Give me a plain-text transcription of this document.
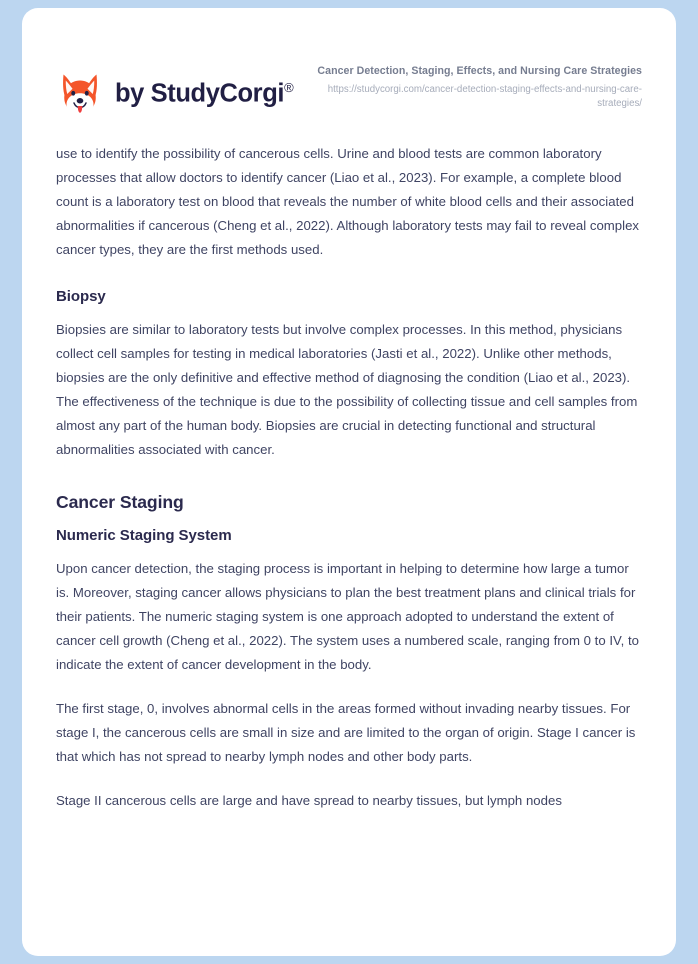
by StudyCorgi®
Cancer Detection, Staging, Effects, and Nursing Care Strategies
https://studycorgi.com/cancer-detection-staging-effects-and-nursing-care-strategies/

use to identify the possibility of cancerous cells. Urine and blood tests are common laboratory processes that allow doctors to identify cancer (Liao et al., 2023). For example, a complete blood count is a laboratory test on blood that reveals the number of white blood cells and their associated abnormalities if cancerous (Cheng et al., 2022). Although laboratory tests may fail to reveal complex cancer types, they are the first methods used.

Biopsy

Biopsies are similar to laboratory tests but involve complex processes. In this method, physicians collect cell samples for testing in medical laboratories (Jasti et al., 2022). Unlike other methods, biopsies are the only definitive and effective method of diagnosing the condition (Liao et al., 2023). The effectiveness of the technique is due to the possibility of collecting tissue and cell samples from almost any part of the human body. Biopsies are crucial in detecting functional and structural abnormalities associated with cancer.

Cancer Staging
Numeric Staging System

Upon cancer detection, the staging process is important in helping to determine how large a tumor is. Moreover, staging cancer allows physicians to plan the best treatment plans and clinical trials for their patients. The numeric staging system is one approach adopted to understand the extent of cancer cell growth (Cheng et al., 2022). The system uses a numbered scale, ranging from 0 to IV, to indicate the extent of cancer development in the body.

The first stage, 0, involves abnormal cells in the areas formed without invading nearby tissues. For stage I, the cancerous cells are small in size and are limited to the organ of origin. Stage I cancer is that which has not spread to nearby lymph nodes and other body parts.

Stage II cancerous cells are large and have spread to nearby tissues, but lymph nodes
